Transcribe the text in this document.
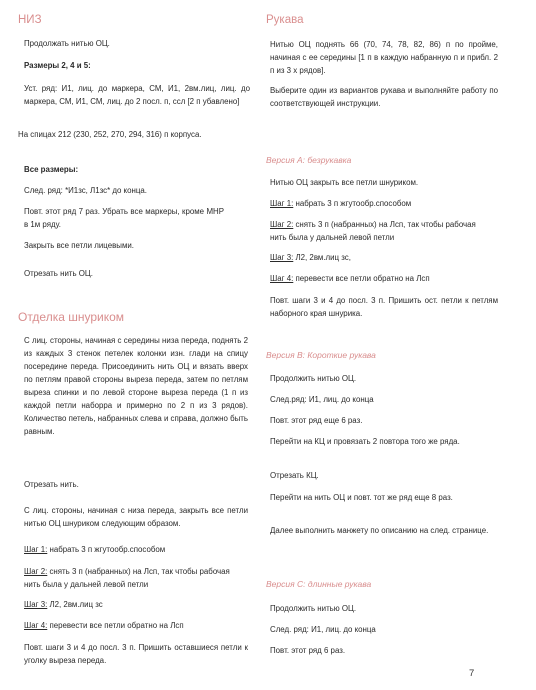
НИЗ
Продолжать нитью ОЦ.
Размеры 2, 4 и 5:
Уст. ряд: И1, лиц. до маркера, СМ, И1, 2вм.лиц, лиц. до маркера, СМ, И1, СМ, лиц. до 2 посл. п, ссл [2 п убавлено]
На спицах 212 (230, 252, 270, 294, 316) п корпуса.
Все размеры:
След. ряд: *И1зс, Л1зс* до конца.
Повт. этот ряд 7 раз. Убрать все маркеры, кроме МНР в 1м ряду.
Закрыть все петли лицевыми.
Отрезать нить ОЦ.
Отделка шнуриком
С лиц. стороны, начиная с середины низа переда, поднять 2 из каждых 3 стенок петелек колонки изн. глади на спицу посередине переда. Присоединить нить ОЦ и вязать вверх по петлям правой стороны выреза переда, затем по петлям выреза спинки и по левой стороне выреза переда (1 п из каждой петли наборра и примерно по 2 п из 3 рядов). Количество петель, набранных слева и справа, должно быть равным.
Отрезать нить.
С лиц. стороны, начиная с низа переда, закрыть все петли нитью ОЦ шнуриком следующим образом.
Шаг 1: набрать 3 п жгутообр.способом
Шаг 2: снять 3 п (набранных) на Лсп, так чтобы рабочая нить была у дальней левой петли
Шаг 3: Л2, 2вм.лиц зс
Шаг 4: перевести все петли обратно на Лсп
Повт. шаги 3 и 4 до посл. 3 п. Пришить оставшиеся петли к уголку выреза переда.
Рукава
Нитью ОЦ поднять 66 (70, 74, 78, 82, 86) п по пройме, начиная с ее середины [1 п в каждую набранную п и прибл. 2 п из 3 х рядов].
Выберите один из вариантов рукава и выполняйте работу по соответствующей инструкции.
Версия А: безрукавка
Нитью ОЦ закрыть все петли шнуриком.
Шаг 1: набрать 3 п жгутообр.способом
Шаг 2: снять 3 п (набранных) на Лсп, так чтобы рабочая нить была у дальней левой петли
Шаг 3: Л2, 2вм.лиц зс,
Шаг 4: перевести все петли обратно на Лсп
Повт. шаги 3 и 4 до посл. 3 п. Пришить ост. петли к петлям наборного края шнурика.
Версия В: Короткие рукава
Продолжить нитью ОЦ.
След.ряд: И1, лиц. до конца
Повт. этот ряд еще 6 раз.
Перейти на КЦ и провязать 2 повтора того же ряда.
Отрезать КЦ.
Перейти на нить ОЦ и повт. тот же ряд еще 8 раз.
Далее выполнить манжету по описанию на след. странице.
Версия С: длинные рукава
Продолжить нитью ОЦ.
След. ряд: И1, лиц. до конца
Повт. этот ряд 6 раз.
7
